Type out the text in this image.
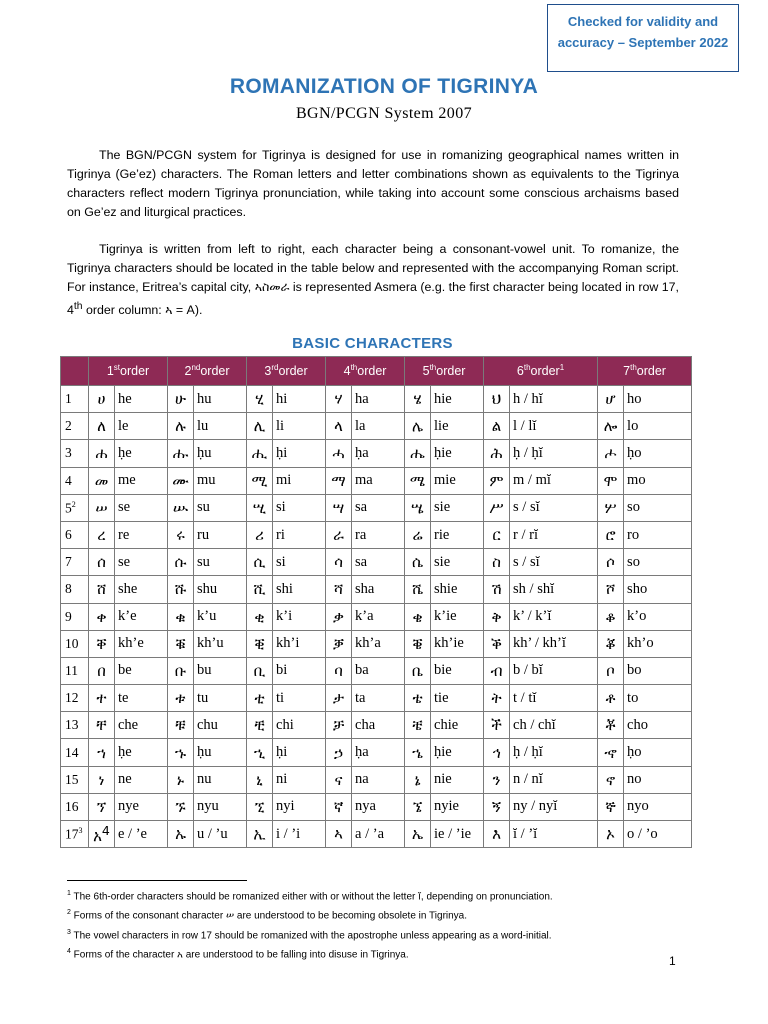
Checked for validity and accuracy – September 2022
ROMANIZATION OF TIGRINYA
BGN/PCGN System 2007

The BGN/PCGN system for Tigrinya is designed for use in romanizing geographical names written in Tigrinya (Ge’ez) characters. The Roman letters and letter combinations shown as equivalents to the Tigrinya characters reflect modern Tigrinya pronunciation, while taking into account some conscious archaisms based on Ge’ez and liturgical practices.

Tigrinya is written from left to right, each character being a consonant-vowel unit. To romanize, the Tigrinya characters should be located in the table below and represented with the accompanying Roman script. For instance, Eritrea’s capital city, ኣስመራ is represented Asmera (e.g. the first character being located in row 17, 4th order column: ኣ = A).

BASIC CHARACTERS
	1storder		2ndorder		3rdorder		4thorder		5thorder		6thorder$^1$		7thorder	
1	ሀ	he	ሁ	hu	ሂ	hi	ሃ	ha	ሄ	hie	ህ	h / hĭ	ሆ	ho
2	ለ	le	ሉ	lu	ሊ	li	ላ	la	ሌ	lie	ል	l / lĭ	ሎ	lo
3	ሐ	ḥe	ሑ	ḥu	ሒ	ḥi	ሓ	ḥa	ሔ	ḥie	ሕ	ḥ / ḥĭ	ሖ	ḥo
4	መ	me	ሙ	mu	ሚ	mi	ማ	ma	ሜ	mie	ም	m / mĭ	ሞ	mo
$5^2$	ሠ	se	ሡ	su	ሢ	si	ሣ	sa	ሤ	sie	ሥ	s / sĭ	ሦ	so
6	ረ	re	ሩ	ru	ሪ	ri	ራ	ra	ሬ	rie	ር	r / rĭ	ሮ	ro
7	ሰ	se	ሱ	su	ሲ	si	ሳ	sa	ሴ	sie	ስ	s / sĭ	ሶ	so
8	ሸ	she	ሹ	shu	ሺ	shi	ሻ	sha	ሼ	shie	ሽ	sh / shĭ	ሾ	sho
9	ቀ	k’e	ቁ	k’u	ቂ	k’i	ቃ	k’a	ቄ	k’ie	ቅ	k’ / k’ĭ	ቆ	k’o
10	ቐ	kh’e	ቑ	kh’u	ቒ	kh’i	ቓ	kh’a	ቔ	kh’ie	ቕ	kh’ / kh’ĭ	ቖ	kh’o
11	በ	be	ቡ	bu	ቢ	bi	ባ	ba	ቤ	bie	ብ	b / bĭ	ቦ	bo
12	ተ	te	ቱ	tu	ቲ	ti	ታ	ta	ቴ	tie	ት	t / tĭ	ቶ	to
13	ቸ	che	ቹ	chu	ቺ	chi	ቻ	cha	ቼ	chie	ች	ch / chĭ	ቾ	cho
14	ኀ	ḥe	ኁ	ḥu	ኂ	ḥi	ኃ	ḥa	ኄ	ḥie	ኅ	ḥ / ḥĭ	ኆ	ḥo
15	ነ	ne	ኑ	nu	ኒ	ni	ና	na	ኔ	nie	ን	n / nĭ	ኖ	no
16	ኘ	nye	ኙ	nyu	ኚ	nyi	ኛ	nya	ኜ	nyie	ኝ	ny / nyĭ	ኞ	nyo
$17^3$	አ$^4$	e / ’e	ኡ	u / ’u	ኢ	i / ’i	ኣ	a / ’a	ኤ	ie / ’ie	እ	ĭ / ’ĭ	ኦ	o / ’o
$^1$ The 6th-order characters should be romanized either with or without the letter ĭ, depending on pronunciation.
$^2$ Forms of the consonant character ሠ are understood to be becoming obsolete in Tigrinya.
$^3$ The vowel characters in row 17 should be romanized with the apostrophe unless appearing as a word-initial.
$^4$ Forms of the character አ are understood to be falling into disuse in Tigrinya.	1
